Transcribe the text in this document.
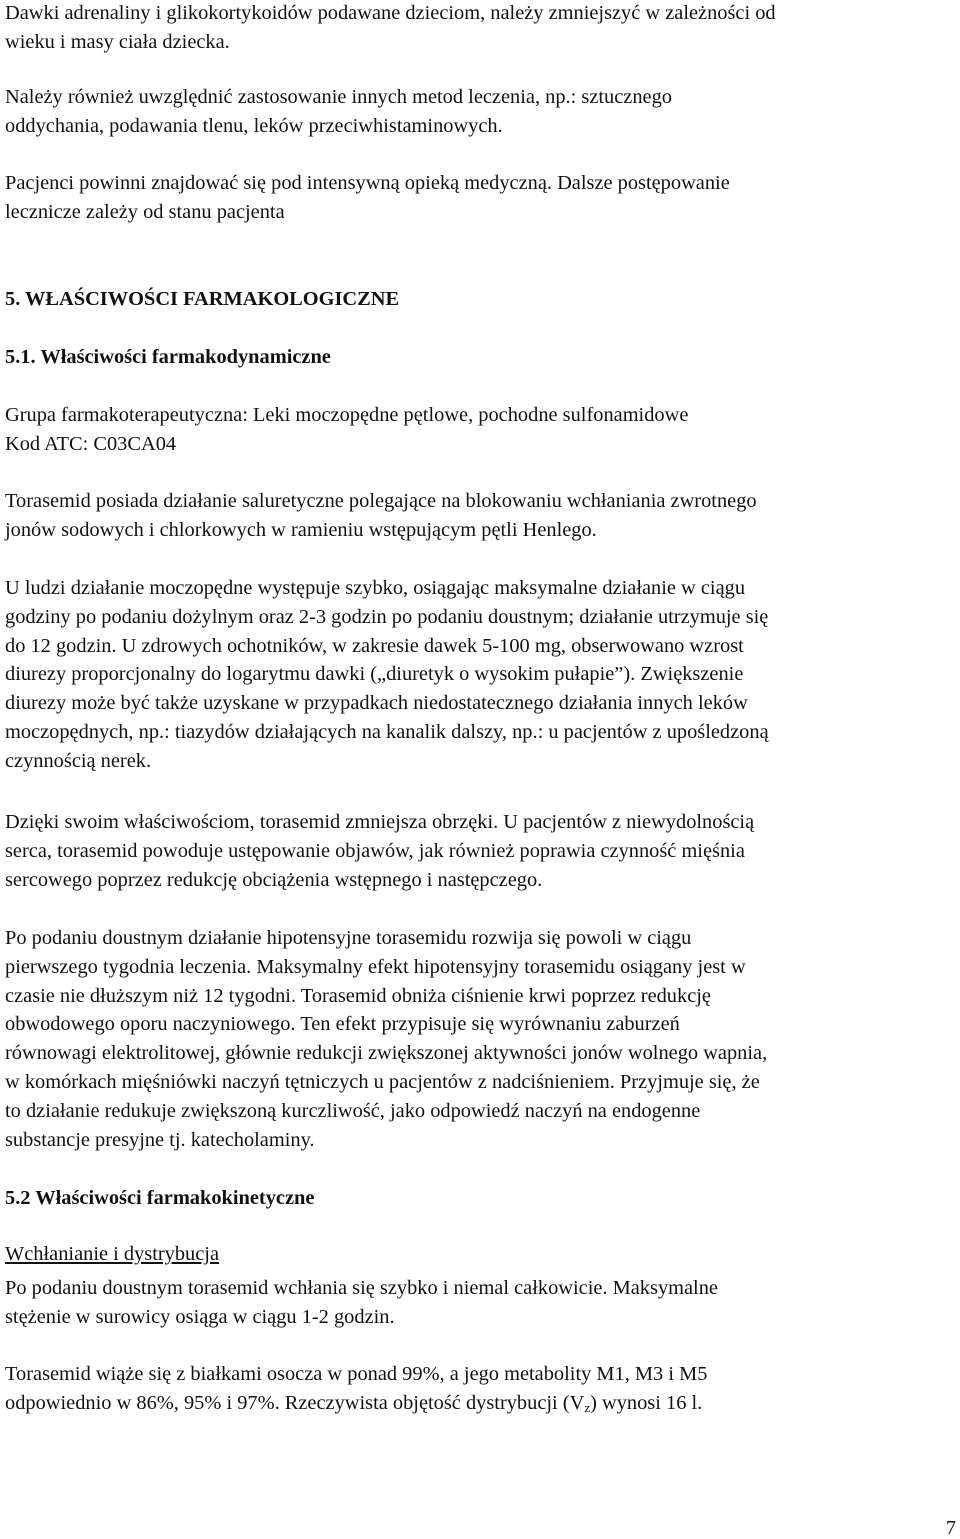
Dawki adrenaliny i glikokortykoidów podawane dzieciom, należy zmniejszyć w zależności od
wieku i masy ciała dziecka.

Należy również uwzględnić zastosowanie innych metod leczenia, np.: sztucznego
oddychania, podawania tlenu, leków przeciwhistaminowych.

Pacjenci powinni znajdować się pod intensywną opieką medyczną. Dalsze postępowanie
lecznicze zależy od stanu pacjenta

5. WŁAŚCIWOŚCI FARMAKOLOGICZNE

5.1. Właściwości farmakodynamiczne

Grupa farmakoterapeutyczna: Leki moczopędne pętlowe, pochodne sulfonamidowe
Kod ATC: C03CA04

Torasemid posiada działanie saluretyczne polegające na blokowaniu wchłaniania zwrotnego
jonów sodowych i chlorkowych w ramieniu wstępującym pętli Henlego.

U ludzi działanie moczopędne występuje szybko, osiągając maksymalne działanie w ciągu
godziny po podaniu dożylnym oraz 2-3 godzin po podaniu doustnym; działanie utrzymuje się
do 12 godzin. U zdrowych ochotników, w zakresie dawek 5-100 mg, obserwowano wzrost
diurezy proporcjonalny do logarytmu dawki („diuretyk o wysokim pułapie”). Zwiększenie
diurezy może być także uzyskane w przypadkach niedostatecznego działania innych leków
moczopędnych, np.: tiazydów działających na kanalik dalszy, np.: u pacjentów z upośledzoną
czynnością nerek.

Dzięki swoim właściwościom, torasemid zmniejsza obrzęki. U pacjentów z niewydolnością
serca, torasemid powoduje ustępowanie objawów, jak również poprawia czynność mięśnia
sercowego poprzez redukcję obciążenia wstępnego i następczego.

Po podaniu doustnym działanie hipotensyjne torasemidu rozwija się powoli w ciągu
pierwszego tygodnia leczenia. Maksymalny efekt hipotensyjny torasemidu osiągany jest w
czasie nie dłuższym niż 12 tygodni. Torasemid obniża ciśnienie krwi poprzez redukcję
obwodowego oporu naczyniowego. Ten efekt przypisuje się wyrównaniu zaburzeń
równowagi elektrolitowej, głównie redukcji zwiększonej aktywności jonów wolnego wapnia,
w komórkach mięśniówki naczyń tętniczych u pacjentów z nadciśnieniem. Przyjmuje się, że
to działanie redukuje zwiększoną kurczliwość, jako odpowiedź naczyń na endogenne
substancje presyjne tj. katecholaminy.

5.2 Właściwości farmakokinetyczne

Wchłanianie i dystrybucja

Po podaniu doustnym torasemid wchłania się szybko i niemal całkowicie. Maksymalne
stężenie w surowicy osiąga w ciągu 1-2 godzin.

Torasemid wiąże się z białkami osocza w ponad 99%, a jego metabolity M1, M3 i M5
odpowiednio w 86%, 95% i 97%. Rzeczywista objętość dystrybucji $(V_z)$ wynosi 16 l.

7
